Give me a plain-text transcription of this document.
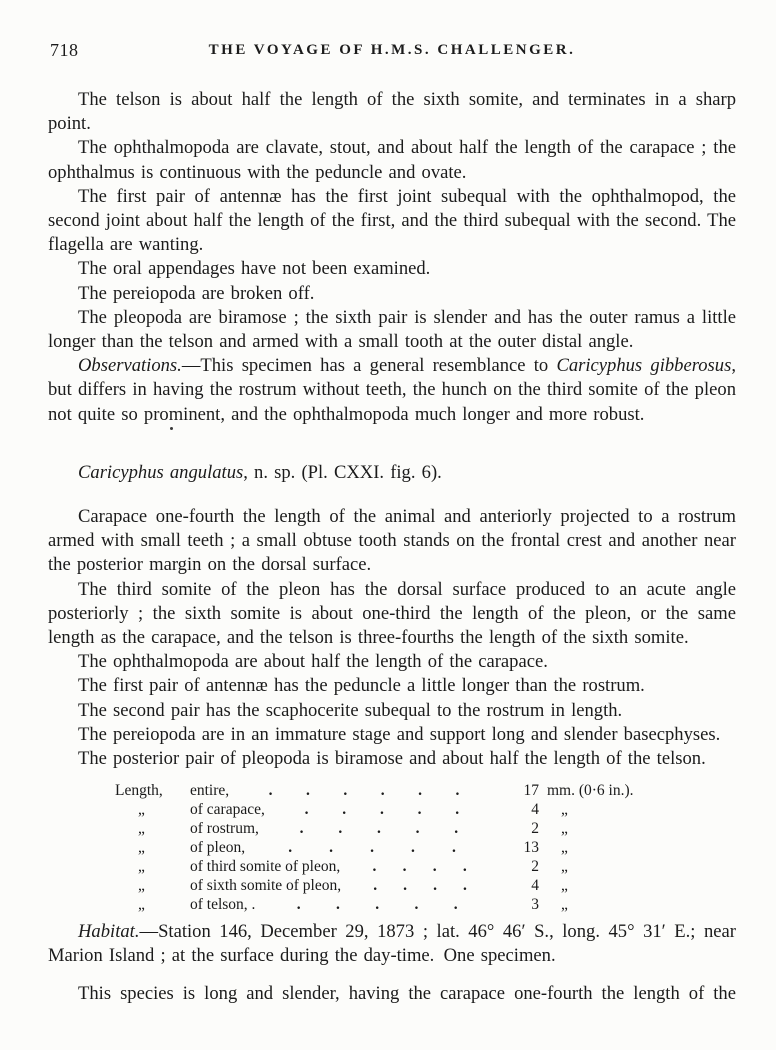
718	THE VOYAGE OF H.M.S. CHALLENGER.

The telson is about half the length of the sixth somite, and terminates in a sharp point.

The ophthalmopoda are clavate, stout, and about half the length of the carapace ; the ophthalmus is continuous with the peduncle and ovate.

The first pair of antennæ has the first joint subequal with the ophthalmopod, the second joint about half the length of the first, and the third subequal with the second. The flagella are wanting.

The oral appendages have not been examined.

The pereiopoda are broken off.

The pleopoda are biramose ; the sixth pair is slender and has the outer ramus a little longer than the telson and armed with a small tooth at the outer distal angle.

Observations.—This specimen has a general resemblance to Caricyphus gibberosus, but differs in having the rostrum without teeth, the hunch on the third somite of the pleon not quite so prominent, and the ophthalmopoda much longer and more robust.

Caricyphus angulatus, n. sp. (Pl. CXXI. fig. 6).

Carapace one-fourth the length of the animal and anteriorly projected to a rostrum armed with small teeth ; a small obtuse tooth stands on the frontal crest and another near the posterior margin on the dorsal surface.

The third somite of the pleon has the dorsal surface produced to an acute angle posteriorly ; the sixth somite is about one-third the length of the pleon, or the same length as the carapace, and the telson is three-fourths the length of the sixth somite.

The ophthalmopoda are about half the length of the carapace.

The first pair of antennæ has the peduncle a little longer than the rostrum.

The second pair has the scaphocerite subequal to the rostrum in length.

The pereiopoda are in an immature stage and support long and slender basecphyses.

The posterior pair of pleopoda is biramose and about half the length of the telson.

Length,	entire,	. . . . . .	17 mm. (0·6 in.).
„	of carapace,	. . . . .	4	„
„	of rostrum,	. . . . .	2	„
„	of pleon,	. . . . .	13	„
„	of third somite of pleon, . . . .	2	„
„	of sixth somite of pleon, . . . .	4	„
„	of telson, .	. . . . .	3	„

Habitat.—Station 146, December 29, 1873 ; lat. 46° 46′ S., long. 45° 31′ E.; near Marion Island ; at the surface during the day-time. One specimen.

This species is long and slender, having the carapace one-fourth the length of the
